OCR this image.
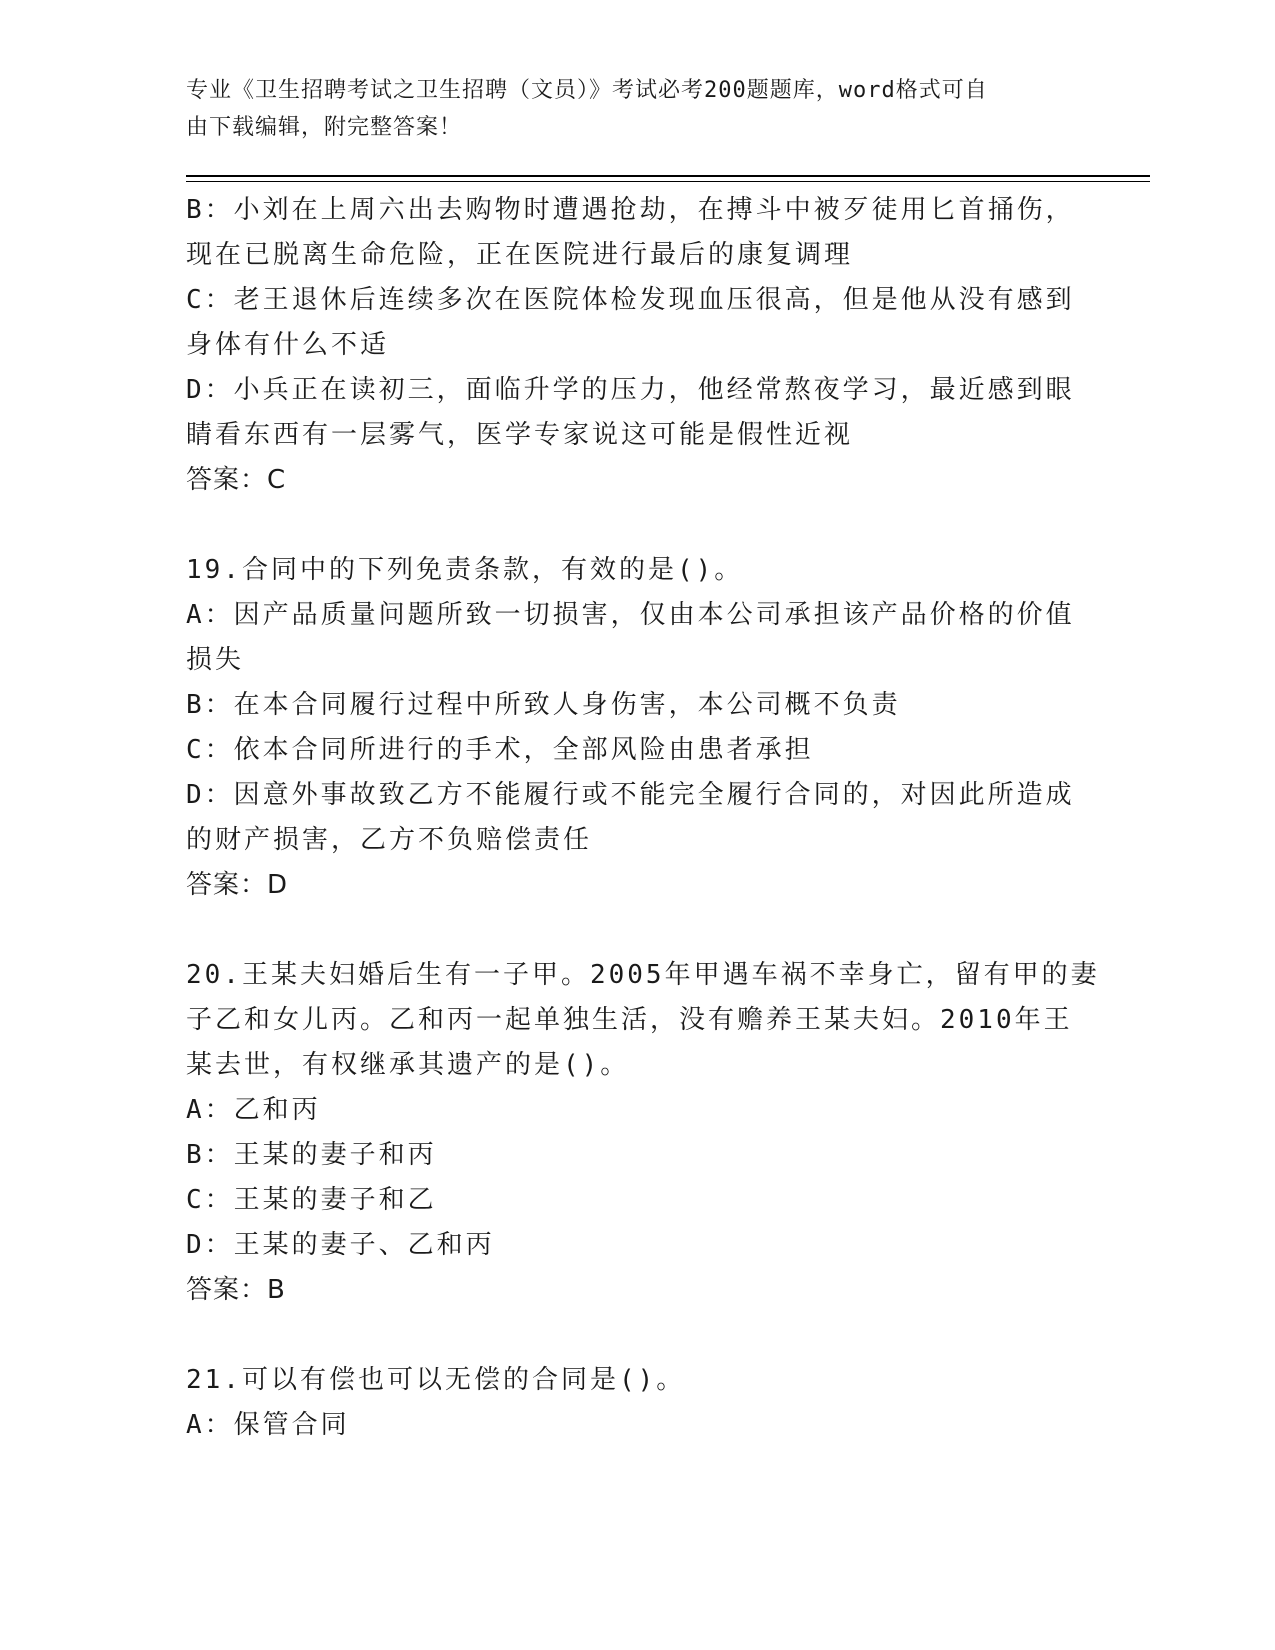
专业《卫生招聘考试之卫生招聘（文员）》考试必考200题题库，word格式可自
由下载编辑，附完整答案！
B：小刘在上周六出去购物时遭遇抢劫，在搏斗中被歹徒用匕首捅伤，
现在已脱离生命危险，正在医院进行最后的康复调理
C：老王退休后连续多次在医院体检发现血压很高，但是他从没有感到
身体有什么不适
D：小兵正在读初三，面临升学的压力，他经常熬夜学习，最近感到眼
睛看东西有一层雾气，医学专家说这可能是假性近视
答案：C
19.合同中的下列免责条款，有效的是()。
A：因产品质量问题所致一切损害，仅由本公司承担该产品价格的价值
损失
B：在本合同履行过程中所致人身伤害，本公司概不负责
C：依本合同所进行的手术，全部风险由患者承担
D：因意外事故致乙方不能履行或不能完全履行合同的，对因此所造成
的财产损害，乙方不负赔偿责任
答案：D
20.王某夫妇婚后生有一子甲。2005年甲遇车祸不幸身亡，留有甲的妻
子乙和女儿丙。乙和丙一起单独生活，没有赡养王某夫妇。2010年王
某去世，有权继承其遗产的是()。
A：乙和丙
B：王某的妻子和丙
C：王某的妻子和乙
D：王某的妻子、乙和丙
答案：B
21.可以有偿也可以无偿的合同是()。
A：保管合同
